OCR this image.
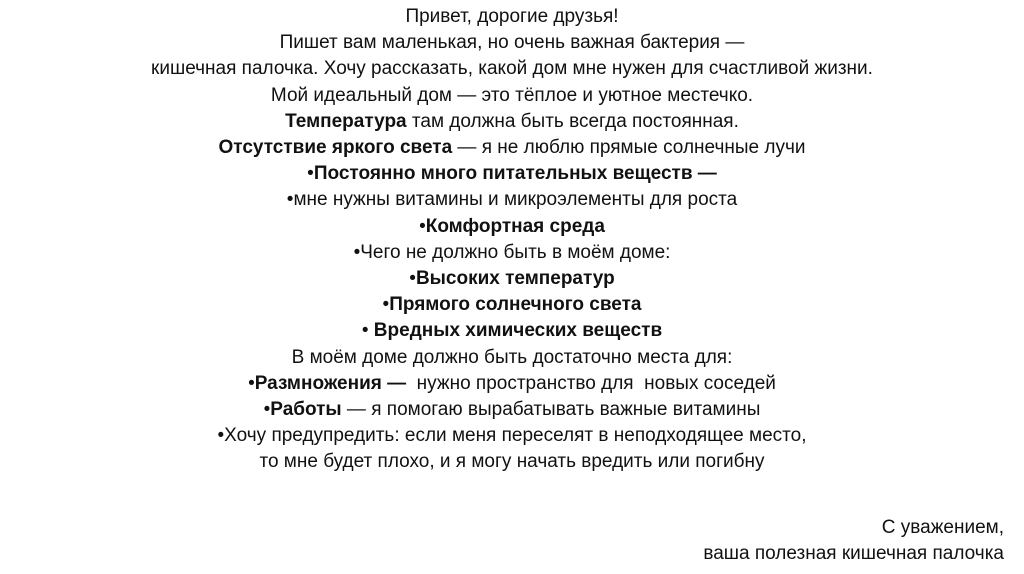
Привет, дорогие друзья!
Пишет вам маленькая, но очень важная бактерия —
кишечная палочка. Хочу рассказать, какой дом мне нужен для счастливой жизни.
Мой идеальный дом — это тёплое и уютное местечко.
Температура там должна быть всегда постоянная.
Отсутствие яркого света — я не люблю прямые солнечные лучи
•Постоянно много питательных веществ —
•мне нужны витамины и микроэлементы для роста
•Комфортная среда
•Чего не должно быть в моём доме:
•Высоких температур
•Прямого солнечного света
• Вредных химических веществ
В моём доме должно быть достаточно места для:
•Размножения —  нужно пространство для  новых соседей
•Работы — я помогаю вырабатывать важные витамины
•Хочу предупредить: если меня переселят в неподходящее место,
то мне будет плохо, и я могу начать вредить или погибну
С уважением,
ваша полезная кишечная палочка
